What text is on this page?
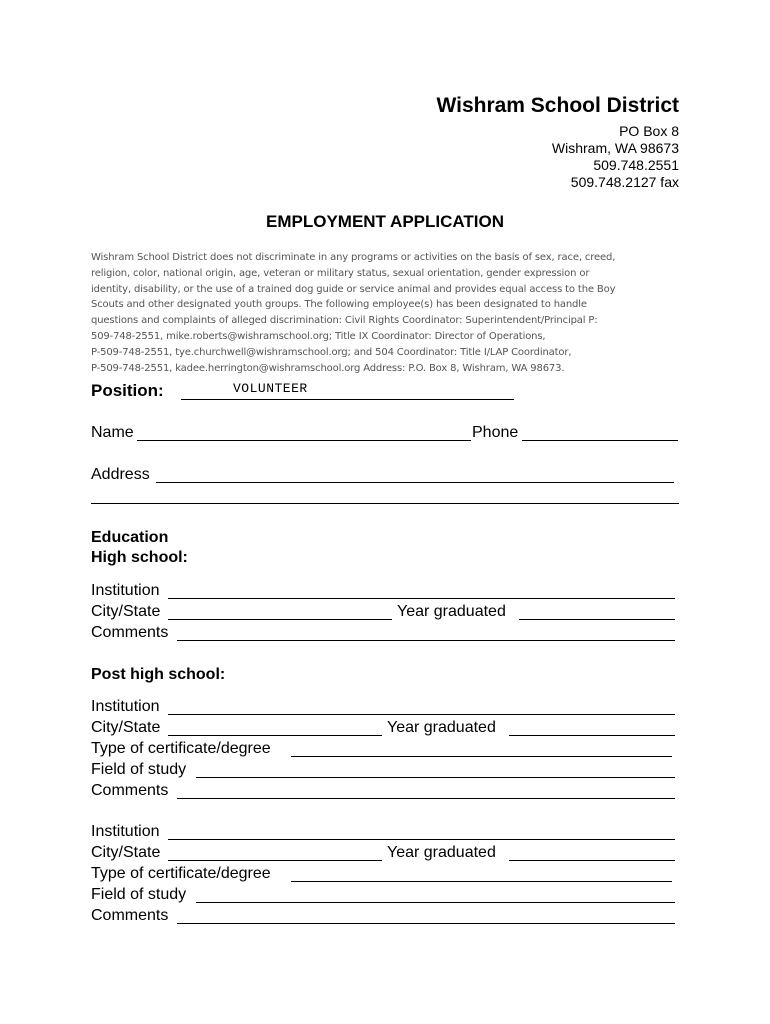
Wishram School District
PO Box 8
Wishram, WA 98673
509.748.2551
509.748.2127 fax
EMPLOYMENT APPLICATION
Wishram School District does not discriminate in any programs or activities on the basis of sex, race, creed,
religion, color, national origin, age, veteran or military status, sexual orientation, gender expression or
identity, disability, or the use of a trained dog guide or service animal and provides equal access to the Boy
Scouts and other designated youth groups. The following employee(s) has been designated to handle
questions and complaints of alleged discrimination: Civil Rights Coordinator: Superintendent/Principal P:
509-748-2551, mike.roberts@wishramschool.org; Title IX Coordinator: Director of Operations,
P-509-748-2551, tye.churchwell@wishramschool.org; and 504 Coordinator: Title I/LAP Coordinator,
P-509-748-2551, kadee.herrington@wishramschool.org Address: P.O. Box 8, Wishram, WA 98673.
Position:	VOLUNTEER
Name	Phone
Address
Education
High school:
Institution
City/State	Year graduated
Comments
Post high school:
Institution
City/State	Year graduated
Type of certificate/degree
Field of study
Comments
Institution
City/State	Year graduated
Type of certificate/degree
Field of study
Comments
